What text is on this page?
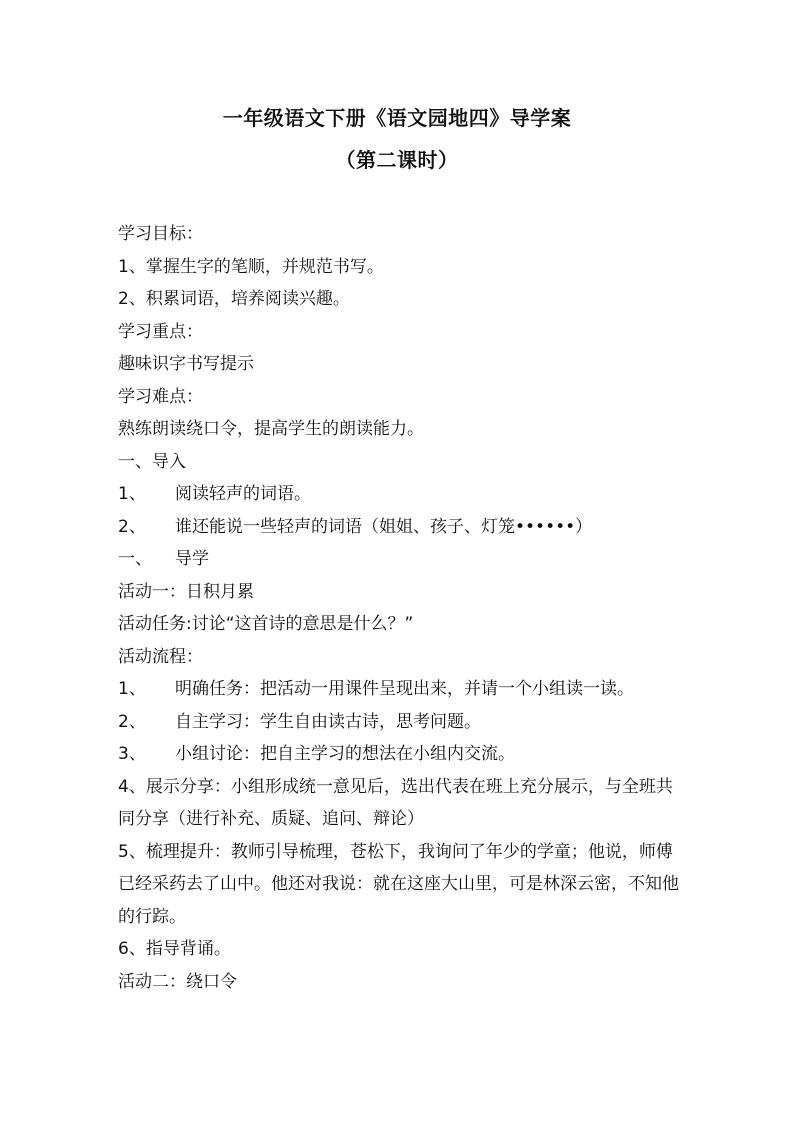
一年级语文下册《语文园地四》导学案
（第二课时）
学习目标：
1、掌握生字的笔顺，并规范书写。
2、积累词语，培养阅读兴趣。
学习重点：
趣味识字书写提示
学习难点：
熟练朗读绕口令，提高学生的朗读能力。
一、导入
1、 阅读轻声的词语。
2、 谁还能说一些轻声的词语（姐姐、孩子、灯笼••••••）
一、 导学
活动一：日积月累
活动任务:讨论“这首诗的意思是什么？”
活动流程：
1、 明确任务：把活动一用课件呈现出来，并请一个小组读一读。
2、 自主学习：学生自由读古诗，思考问题。
3、 小组讨论：把自主学习的想法在小组内交流。
4、展示分享：小组形成统一意见后，选出代表在班上充分展示，与全班共同分享（进行补充、质疑、追问、辩论）
5、梳理提升：教师引导梳理，苍松下，我询问了年少的学童；他说，师傅已经采药去了山中。他还对我说：就在这座大山里，可是林深云密，不知他的行踪。
6、指导背诵。
活动二：绕口令
